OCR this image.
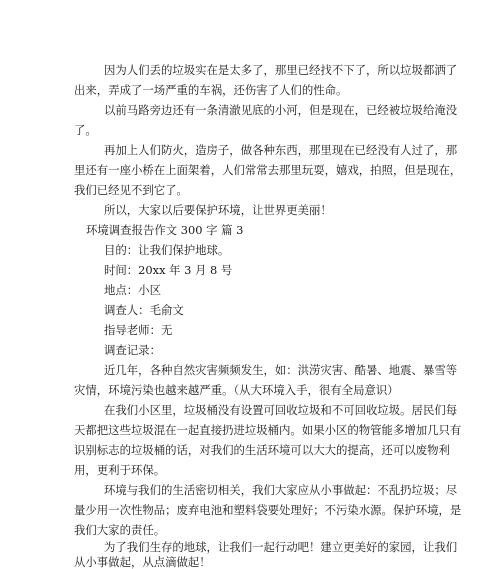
因为人们丢的垃圾实在是太多了，那里已经找不下了，所以垃圾都洒了
出来，弄成了一场严重的车祸，还伤害了人们的性命。
以前马路旁边还有一条清澈见底的小河，但是现在，已经被垃圾给淹没
了。
再加上人们防火，造房子，做各种东西，那里现在已经没有人过了，那
里还有一座小桥在上面架着，人们常常去那里玩耍，嬉戏，拍照，但是现在，
我们已经见不到它了。
所以，大家以后要保护环境，让世界更美丽！
环境调查报告作文 300 字 篇 3
目的：让我们保护地球。
时间：20xx 年 3 月 8 号
地点：小区
调查人：毛俞文
指导老师：无
调查记录：
近几年，各种自然灾害频频发生，如：洪涝灾害、酷暑、地震、暴雪等
灾情，环境污染也越来越严重。（从大环境入手，很有全局意识）
在我们小区里，垃圾桶没有设置可回收垃圾和不可回收垃圾。居民们每
天都把这些垃圾混在一起直接扔进垃圾桶内。如果小区的物管能多增加几只有
识别标志的垃圾桶的话，对我们的生活环境可以大大的提高，还可以废物利
用，更利于环保。
环境与我们的生活密切相关，我们大家应从小事做起：不乱扔垃圾；尽
量少用一次性物品；废弃电池和塑料袋要处理好；不污染水源。保护环境，是
我们大家的责任。
为了我们生存的地球，让我们一起行动吧！建立更美好的家园，让我们
从小事做起，从点滴做起！
